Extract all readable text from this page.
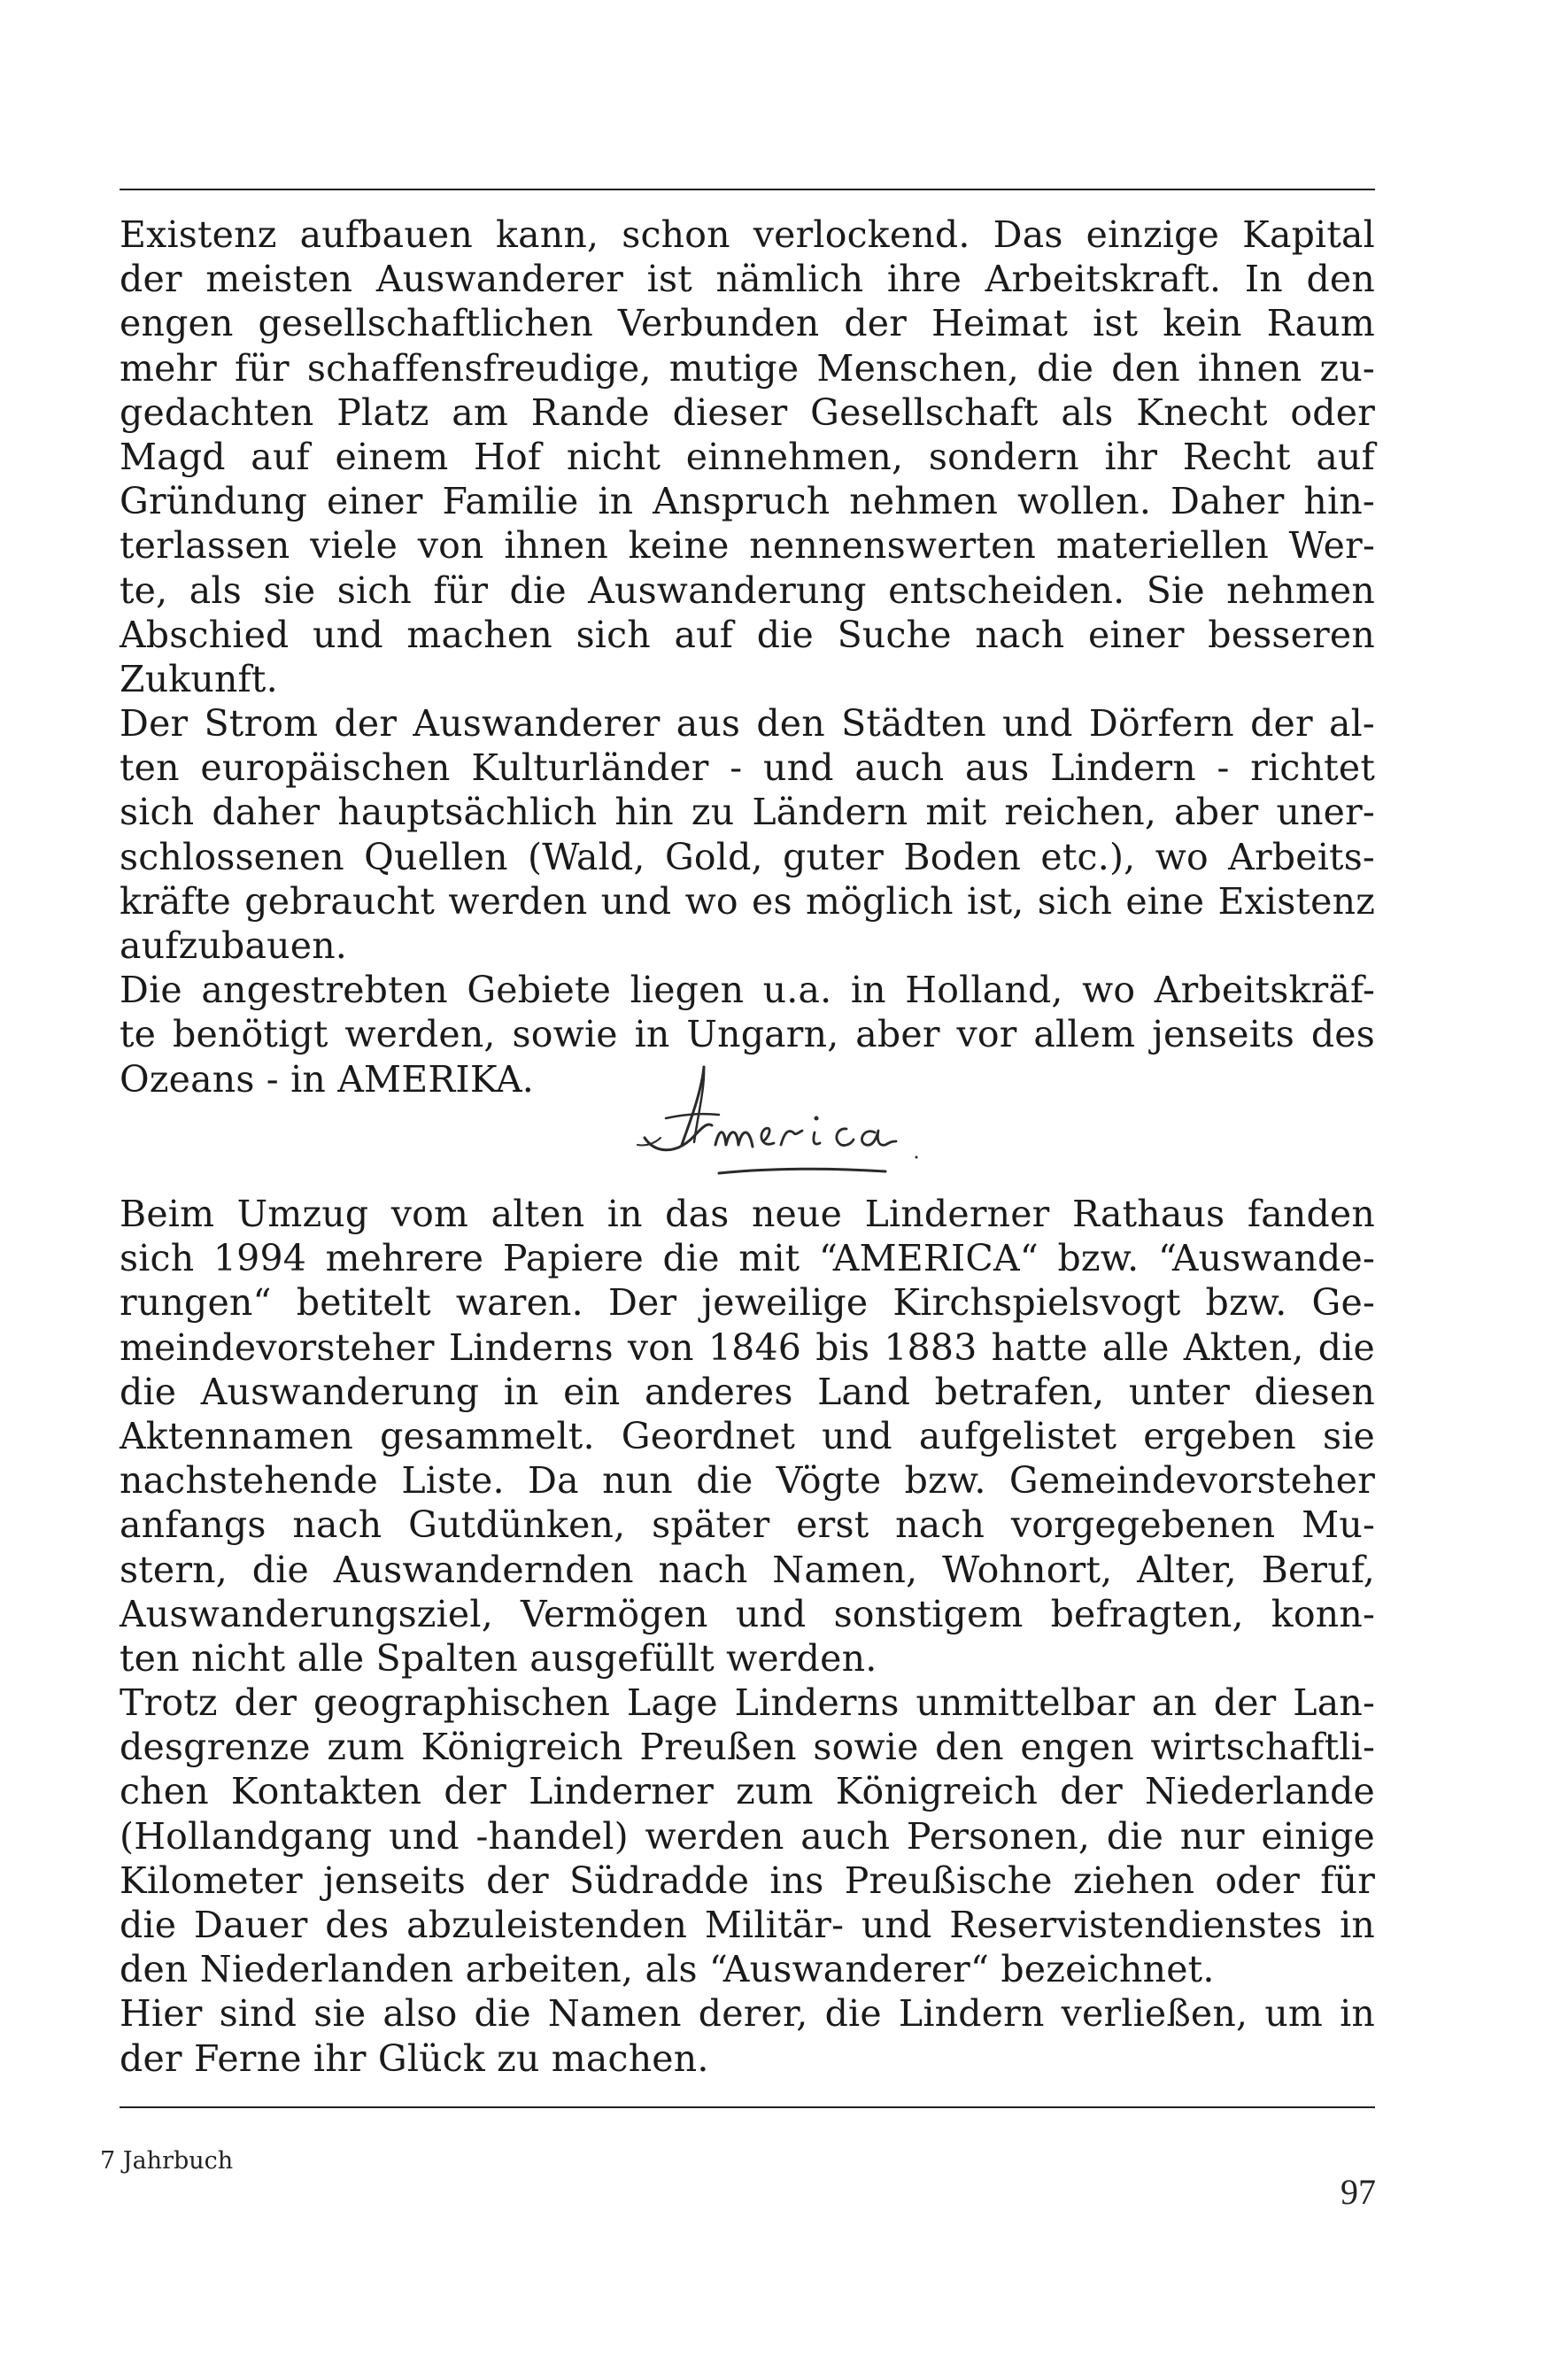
Existenz aufbauen kann, schon verlockend. Das einzige Kapital
der meisten Auswanderer ist nämlich ihre Arbeitskraft. In den
engen gesellschaftlichen Verbunden der Heimat ist kein Raum
mehr für schaffensfreudige, mutige Menschen, die den ihnen zu-
gedachten Platz am Rande dieser Gesellschaft als Knecht oder
Magd auf einem Hof nicht einnehmen, sondern ihr Recht auf
Gründung einer Familie in Anspruch nehmen wollen. Daher hin-
terlassen viele von ihnen keine nennenswerten materiellen Wer-
te, als sie sich für die Auswanderung entscheiden. Sie nehmen
Abschied und machen sich auf die Suche nach einer besseren
Zukunft.
Der Strom der Auswanderer aus den Städten und Dörfern der al-
ten europäischen Kulturländer - und auch aus Lindern - richtet
sich daher hauptsächlich hin zu Ländern mit reichen, aber uner-
schlossenen Quellen (Wald, Gold, guter Boden etc.), wo Arbeits-
kräfte gebraucht werden und wo es möglich ist, sich eine Existenz
aufzubauen.
Die angestrebten Gebiete liegen u.a. in Holland, wo Arbeitskräf-
te benötigt werden, sowie in Ungarn, aber vor allem jenseits des
Ozeans - in AMERIKA.
Beim Umzug vom alten in das neue Linderner Rathaus fanden
sich 1994 mehrere Papiere die mit “AMERICA“ bzw. “Auswande-
rungen“ betitelt waren. Der jeweilige Kirchspielsvogt bzw. Ge-
meindevorsteher Linderns von 1846 bis 1883 hatte alle Akten, die
die Auswanderung in ein anderes Land betrafen, unter diesen
Aktennamen gesammelt. Geordnet und aufgelistet ergeben sie
nachstehende Liste. Da nun die Vögte bzw. Gemeindevorsteher
anfangs nach Gutdünken, später erst nach vorgegebenen Mu-
stern, die Auswandernden nach Namen, Wohnort, Alter, Beruf,
Auswanderungsziel, Vermögen und sonstigem befragten, konn-
ten nicht alle Spalten ausgefüllt werden.
Trotz der geographischen Lage Linderns unmittelbar an der Lan-
desgrenze zum Königreich Preußen sowie den engen wirtschaftli-
chen Kontakten der Linderner zum Königreich der Niederlande
(Hollandgang und -handel) werden auch Personen, die nur einige
Kilometer jenseits der Südradde ins Preußische ziehen oder für
die Dauer des abzuleistenden Militär- und Reservistendienstes in
den Niederlanden arbeiten, als “Auswanderer“ bezeichnet.
Hier sind sie also die Namen derer, die Lindern verließen, um in
der Ferne ihr Glück zu machen.
7 Jahrbuch
97
